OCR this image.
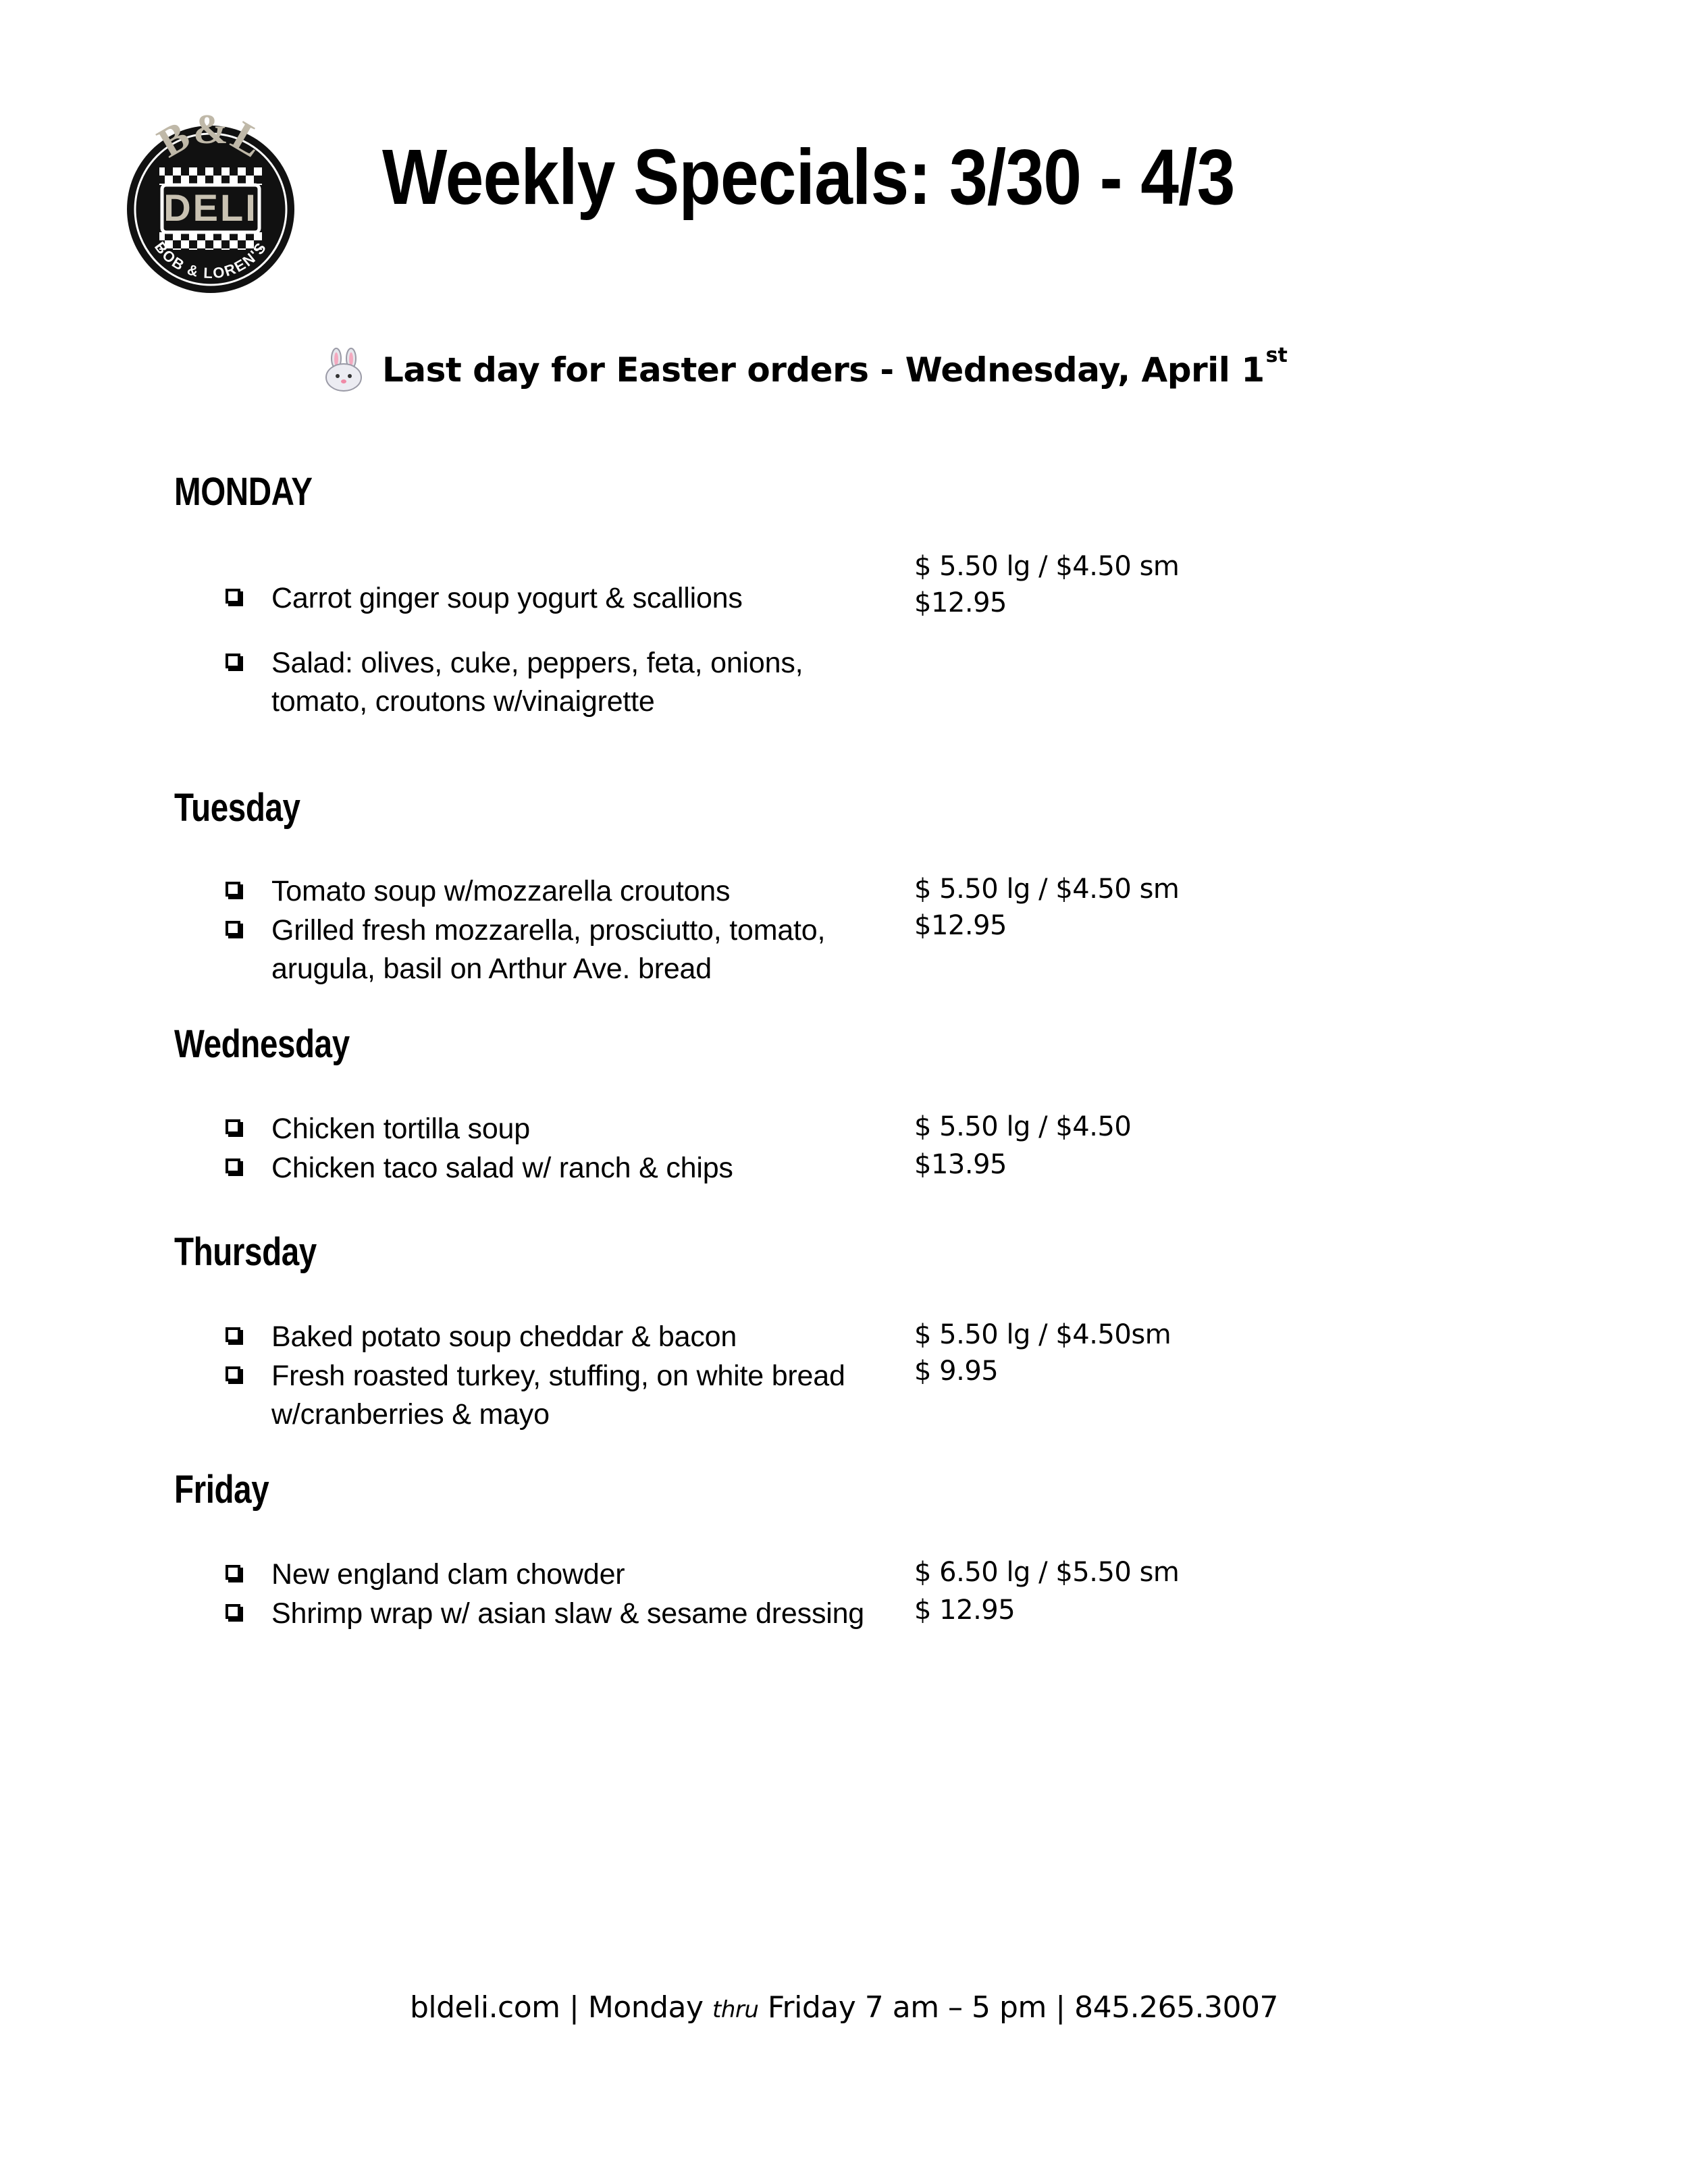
DELI
B&L
BOB & LOREN'S
Weekly Specials: 3/30 - 4/3
Last day for Easter orders - Wednesday, April 1 st
MONDAY
Carrot ginger soup yogurt & scallions
Salad: olives, cuke, peppers, feta, onions, tomato, croutons w/vinaigrette
$ 5.50 lg / $4.50 sm
$12.95
Tuesday
Tomato soup w/mozzarella croutons
Grilled fresh mozzarella, prosciutto, tomato, arugula, basil on Arthur Ave. bread
$ 5.50 lg / $4.50 sm
$12.95
Wednesday
Chicken tortilla soup
Chicken taco salad w/ ranch & chips
$ 5.50 lg / $4.50
$13.95
Thursday
Baked potato soup cheddar & bacon
Fresh roasted turkey, stuffing, on white bread w/cranberries & mayo
$ 5.50 lg / $4.50sm
$ 9.95
Friday
New england clam chowder
Shrimp wrap w/ asian slaw & sesame dressing
$ 6.50 lg / $5.50 sm
$ 12.95
bldeli.com | Monday thru Friday 7 am – 5 pm | 845.265.3007
